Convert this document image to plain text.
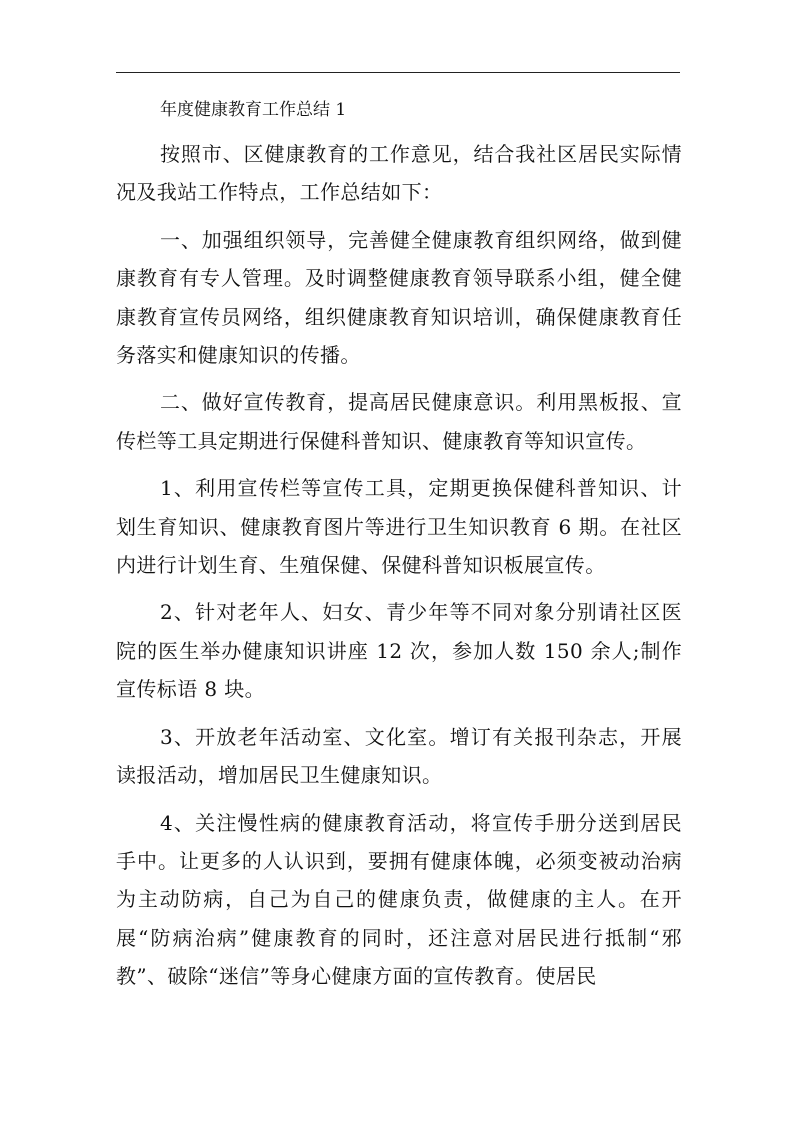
年度健康教育工作总结 1

按照市、区健康教育的工作意见，结合我社区居民实际情况及我站工作特点，工作总结如下：

一、加强组织领导，完善健全健康教育组织网络，做到健康教育有专人管理。及时调整健康教育领导联系小组，健全健康教育宣传员网络，组织健康教育知识培训，确保健康教育任务落实和健康知识的传播。

二、做好宣传教育，提高居民健康意识。利用黑板报、宣传栏等工具定期进行保健科普知识、健康教育等知识宣传。

1、利用宣传栏等宣传工具，定期更换保健科普知识、计划生育知识、健康教育图片等进行卫生知识教育 6 期。在社区内进行计划生育、生殖保健、保健科普知识板展宣传。

2、针对老年人、妇女、青少年等不同对象分别请社区医院的医生举办健康知识讲座 12 次，参加人数 150 余人;制作宣传标语 8 块。

3、开放老年活动室、文化室。增订有关报刊杂志，开展读报活动，增加居民卫生健康知识。

4、关注慢性病的健康教育活动，将宣传手册分送到居民手中。让更多的人认识到，要拥有健康体魄，必须变被动治病为主动防病，自己为自己的健康负责，做健康的主人。在开展“防病治病”健康教育的同时，还注意对居民进行抵制“邪教”、破除“迷信”等身心健康方面的宣传教育。使居民
